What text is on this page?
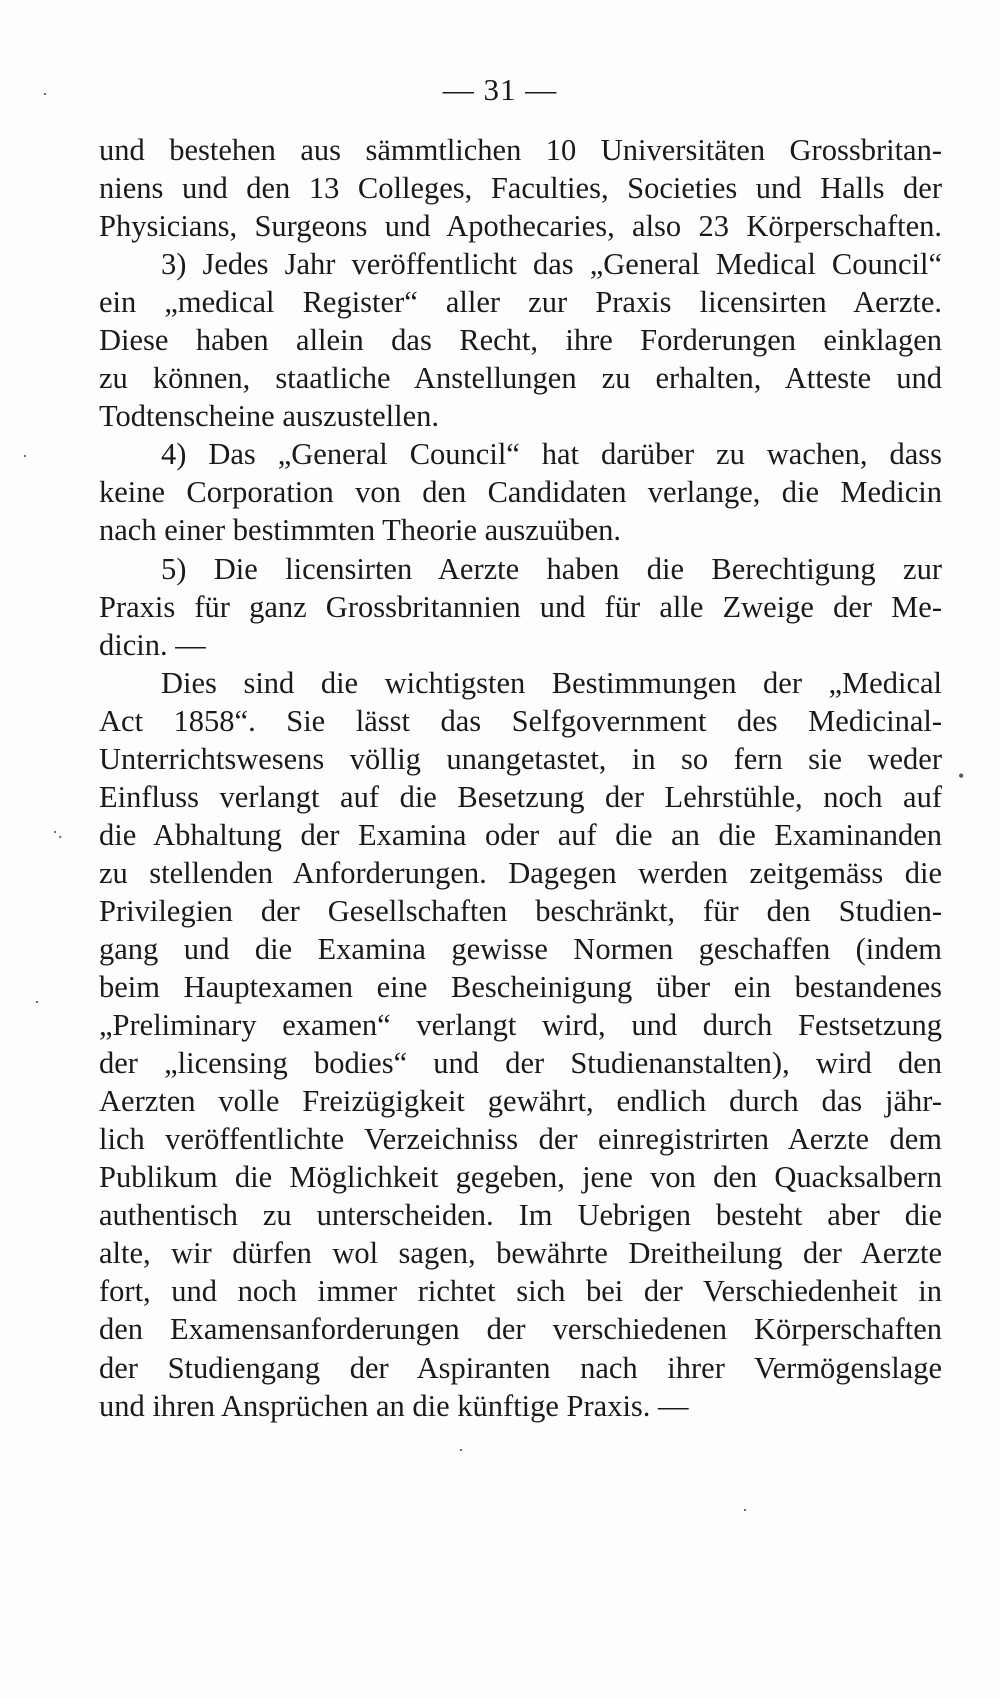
— 31 —
und bestehen aus sämmtlichen 10 Universitäten Grossbritan-
niens und den 13 Colleges, Faculties, Societies und Halls der
Physicians, Surgeons und Apothecaries, also 23 Körperschaften.
3) Jedes Jahr veröffentlicht das „General Medical Council“
ein „medical Register“ aller zur Praxis licensirten Aerzte.
Diese haben allein das Recht, ihre Forderungen einklagen
zu können, staatliche Anstellungen zu erhalten, Atteste und
Todtenscheine auszustellen.
4) Das „General Council“ hat darüber zu wachen, dass
keine Corporation von den Candidaten verlange, die Medicin
nach einer bestimmten Theorie auszuüben.
5) Die licensirten Aerzte haben die Berechtigung zur
Praxis für ganz Grossbritannien und für alle Zweige der Me-
dicin. —
Dies sind die wichtigsten Bestimmungen der „Medical
Act 1858“. Sie lässt das Selfgovernment des Medicinal-
Unterrichtswesens völlig unangetastet, in so fern sie weder
Einfluss verlangt auf die Besetzung der Lehrstühle, noch auf
die Abhaltung der Examina oder auf die an die Examinanden
zu stellenden Anforderungen. Dagegen werden zeitgemäss die
Privilegien der Gesellschaften beschränkt, für den Studien-
gang und die Examina gewisse Normen geschaffen (indem
beim Hauptexamen eine Bescheinigung über ein bestandenes
„Preliminary examen“ verlangt wird, und durch Festsetzung
der „licensing bodies“ und der Studienanstalten), wird den
Aerzten volle Freizügigkeit gewährt, endlich durch das jähr-
lich veröffentlichte Verzeichniss der einregistrirten Aerzte dem
Publikum die Möglichkeit gegeben, jene von den Quacksalbern
authentisch zu unterscheiden. Im Uebrigen besteht aber die
alte, wir dürfen wol sagen, bewährte Dreitheilung der Aerzte
fort, und noch immer richtet sich bei der Verschiedenheit in
den Examensanforderungen der verschiedenen Körperschaften
der Studiengang der Aspiranten nach ihrer Vermögenslage
und ihren Ansprüchen an die künftige Praxis. —
·
·
·.
•
·
·
·
